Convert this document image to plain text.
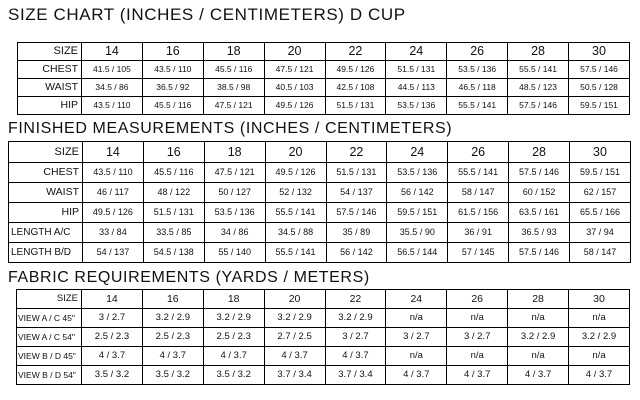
SIZE CHART (INCHES / CENTIMETERS) D CUP
SIZE	14	16	18	20	22	24	26	28	30
CHEST	41.5 / 105	43.5 / 110	45.5 / 116	47.5 / 121	49.5 / 126	51.5 / 131	53.5 / 136	55.5 / 141	57.5 / 146
WAIST	34.5 / 86	36.5 / 92	38.5 / 98	40.5 / 103	42.5 / 108	44.5 / 113	46.5 / 118	48.5 / 123	50.5 / 128
HIP	43.5 / 110	45.5 / 116	47.5 / 121	49.5 / 126	51.5 / 131	53.5 / 136	55.5 / 141	57.5 / 146	59.5 / 151
FINISHED MEASUREMENTS (INCHES / CENTIMETERS)
SIZE	14	16	18	20	22	24	26	28	30
CHEST	43.5 / 110	45.5 / 116	47.5 / 121	49.5 / 126	51.5 / 131	53.5 / 136	55.5 / 141	57.5 / 146	59.5 / 151
WAIST	46 / 117	48 / 122	50 / 127	52 / 132	54 / 137	56 / 142	58 / 147	60 / 152	62 / 157
HIP	49.5 / 126	51.5 / 131	53.5 / 136	55.5 / 141	57.5 / 146	59.5 / 151	61.5 / 156	63.5 / 161	65.5 / 166
LENGTH A/C	33 / 84	33.5 / 85	34 / 86	34.5 / 88	35 / 89	35.5 / 90	36 / 91	36.5 / 93	37 / 94
LENGTH B/D	54 / 137	54.5 / 138	55 / 140	55.5 / 141	56 / 142	56.5 / 144	57 / 145	57.5 / 146	58 / 147
FABRIC REQUIREMENTS (YARDS / METERS)
SIZE	14	16	18	20	22	24	26	28	30
VIEW A / C 45"	3 / 2.7	3.2 / 2.9	3.2 / 2.9	3.2 / 2.9	3.2 / 2.9	n/a	n/a	n/a	n/a
VIEW A / C 54"	2.5 / 2.3	2.5 / 2.3	2.5 / 2.3	2.7 / 2.5	3 / 2.7	3 / 2.7	3 / 2.7	3.2 / 2.9	3.2 / 2.9
VIEW B / D 45"	4 / 3.7	4 / 3.7	4 / 3.7	4 / 3.7	4 / 3.7	n/a	n/a	n/a	n/a
VIEW B / D 54"	3.5 / 3.2	3.5 / 3.2	3.5 / 3.2	3.7 / 3.4	3.7 / 3.4	4 / 3.7	4 / 3.7	4 / 3.7	4 / 3.7
